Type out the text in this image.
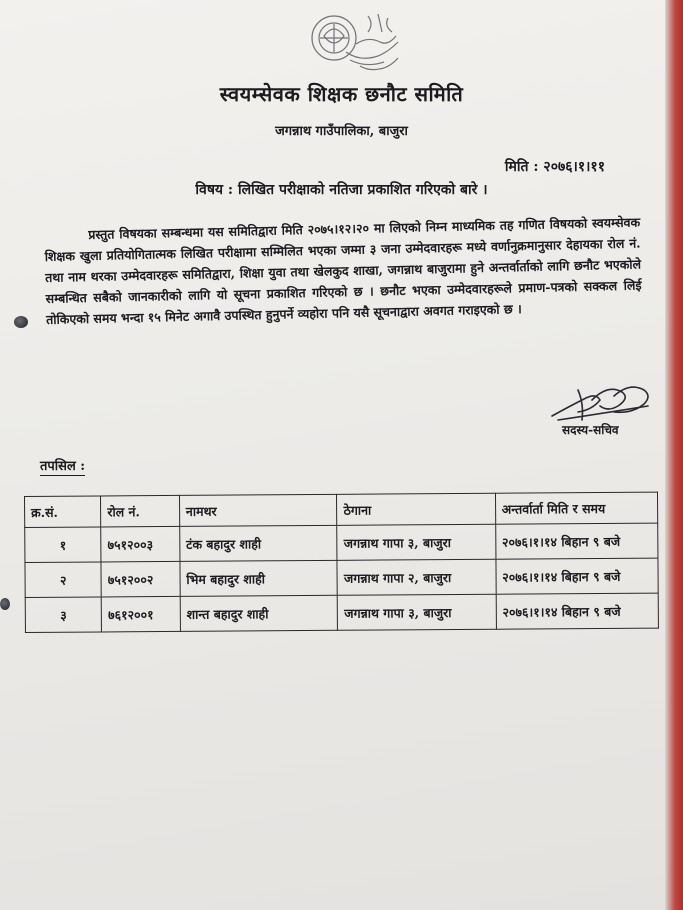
स्वयम्सेवक शिक्षक छनौट समिति
जगन्नाथ गाउँपालिका, बाजुरा
मिति : २०७६।१।११
विषय : लिखित परीक्षाको नतिजा प्रकाशित गरिएको बारे ।
प्रस्तुत विषयका सम्बन्धमा यस समितिद्वारा मिति २०७५।१२।२० मा लिएको निम्न माध्यमिक तह गणित विषयको स्वयम्सेवक शिक्षक खुला प्रतियोगितात्मक लिखित परीक्षामा सम्मिलित भएका जम्मा ३ जना उम्मेदवारहरू मध्ये वर्णानुक्रमानुसार देहायका रोल नं. तथा नाम थरका उम्मेदवारहरू समितिद्वारा, शिक्षा युवा तथा खेलकुद शाखा, जगन्नाथ बाजुरामा हुने अन्तर्वार्ताको लागि छनौट भएकोले सम्बन्धित सबैको जानकारीको लागि यो सूचना प्रकाशित गरिएको छ । छनौट भएका उम्मेदवारहरूले प्रमाण-पत्रको सक्कल लिई तोकिएको समय भन्दा १५ मिनेट अगावै उपस्थित हुनुपर्ने व्यहोरा पनि यसै सूचनाद्वारा अवगत गराइएको छ ।
सदस्य-सचिव
तपसिल :
क्र.सं.	रोल नं.	नामथर	ठेगाना	अन्तर्वार्ता मिति र समय
१	७५१२००३	टंक बहादुर शाही	जगन्नाथ गापा ३, बाजुरा	२०७६।१।१४ बिहान ९ बजे
२	७५१२००२	भिम बहादुर शाही	जगन्नाथ गापा २, बाजुरा	२०७६।१।१४ बिहान ९ बजे
३	७६१२००१	शान्त बहादुर शाही	जगन्नाथ गापा ३, बाजुरा	२०७६।१।१४ बिहान ९ बजे
